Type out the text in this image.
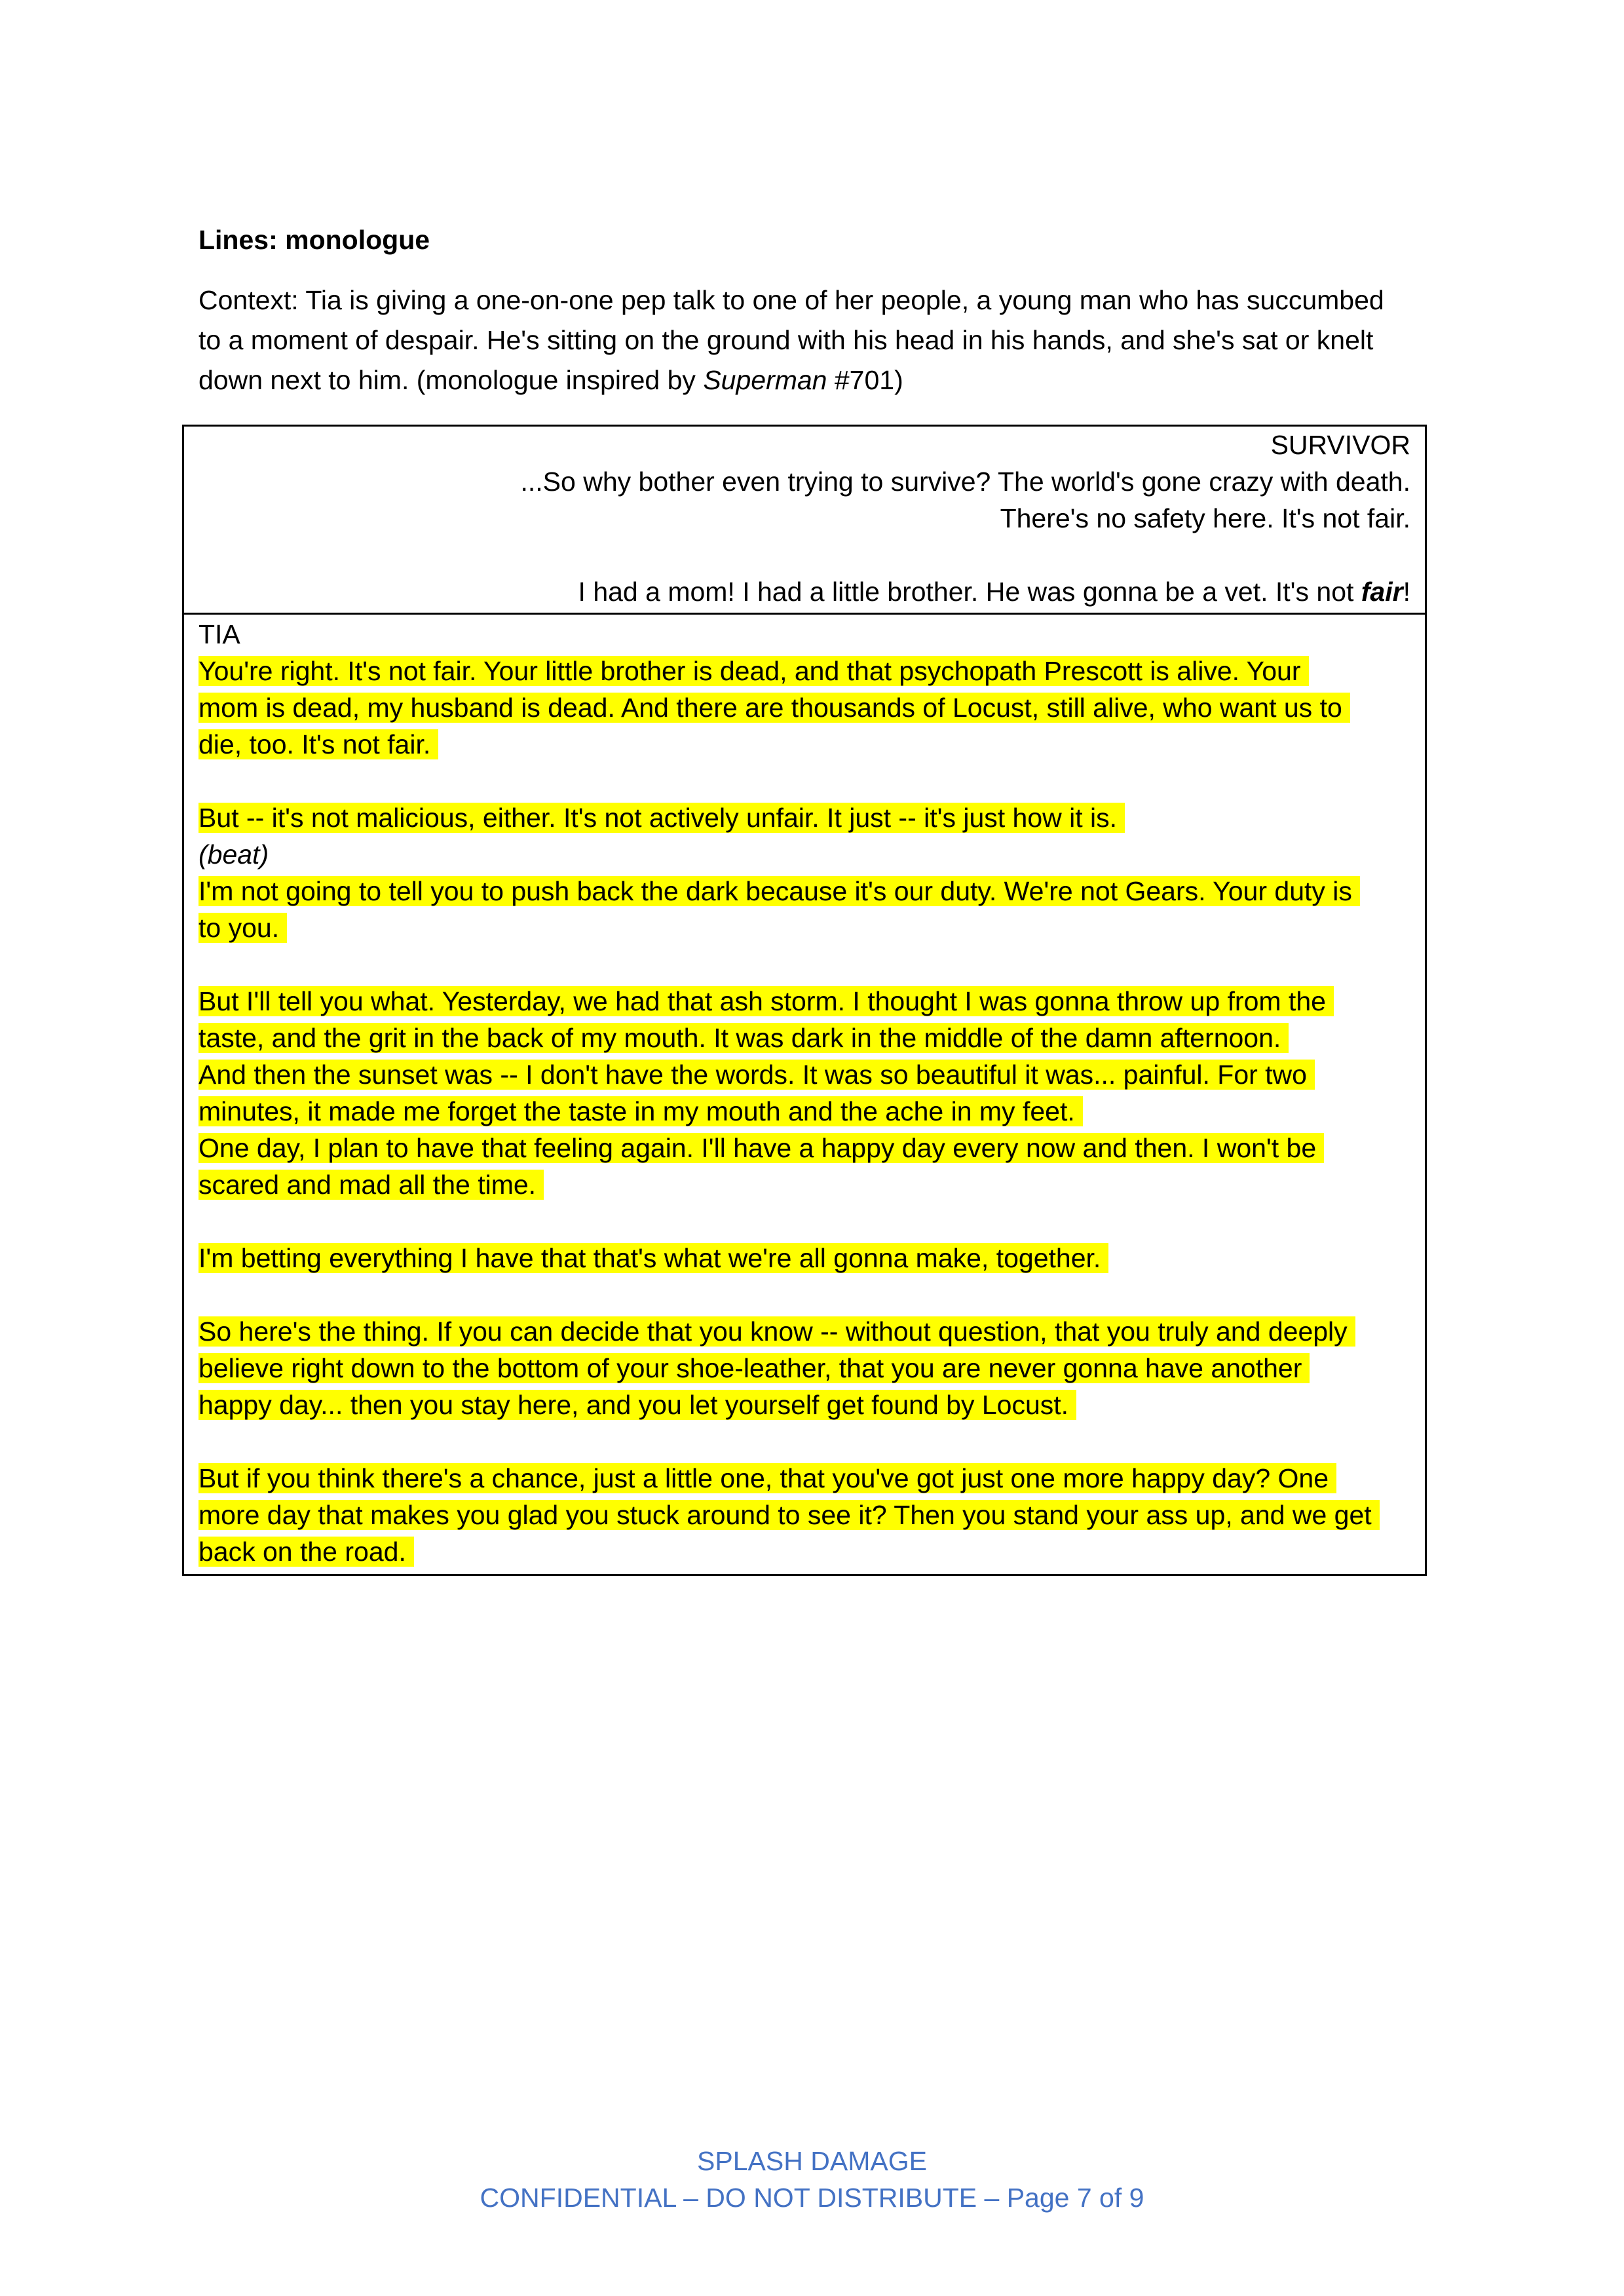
Lines: monologue
Context: Tia is giving a one-on-one pep talk to one of her people, a young man who has succumbed
to a moment of despair. He's sitting on the ground with his head in his hands, and she's sat or knelt
down next to him. (monologue inspired by Superman #701)
SURVIVOR
...So why bother even trying to survive? The world's gone crazy with death.
There's no safety here. It's not fair.
I had a mom! I had a little brother. He was gonna be a vet. It's not fair!
TIA
You're right. It's not fair. Your little brother is dead, and that psychopath Prescott is alive. Your
mom is dead, my husband is dead. And there are thousands of Locust, still alive, who want us to
die, too. It's not fair.
But -- it's not malicious, either. It's not actively unfair. It just -- it's just how it is.
(beat)
I'm not going to tell you to push back the dark because it's our duty. We're not Gears. Your duty is
to you.
But I'll tell you what. Yesterday, we had that ash storm. I thought I was gonna throw up from the
taste, and the grit in the back of my mouth. It was dark in the middle of the damn afternoon.
And then the sunset was -- I don't have the words. It was so beautiful it was... painful. For two
minutes, it made me forget the taste in my mouth and the ache in my feet.
One day, I plan to have that feeling again. I'll have a happy day every now and then. I won't be
scared and mad all the time.
I'm betting everything I have that that's what we're all gonna make, together.
So here's the thing. If you can decide that you know -- without question, that you truly and deeply
believe right down to the bottom of your shoe-leather, that you are never gonna have another
happy day... then you stay here, and you let yourself get found by Locust.
But if you think there's a chance, just a little one, that you've got just one more happy day? One
more day that makes you glad you stuck around to see it? Then you stand your ass up, and we get
back on the road.
SPLASH DAMAGE
CONFIDENTIAL – DO NOT DISTRIBUTE – Page 7 of 9
